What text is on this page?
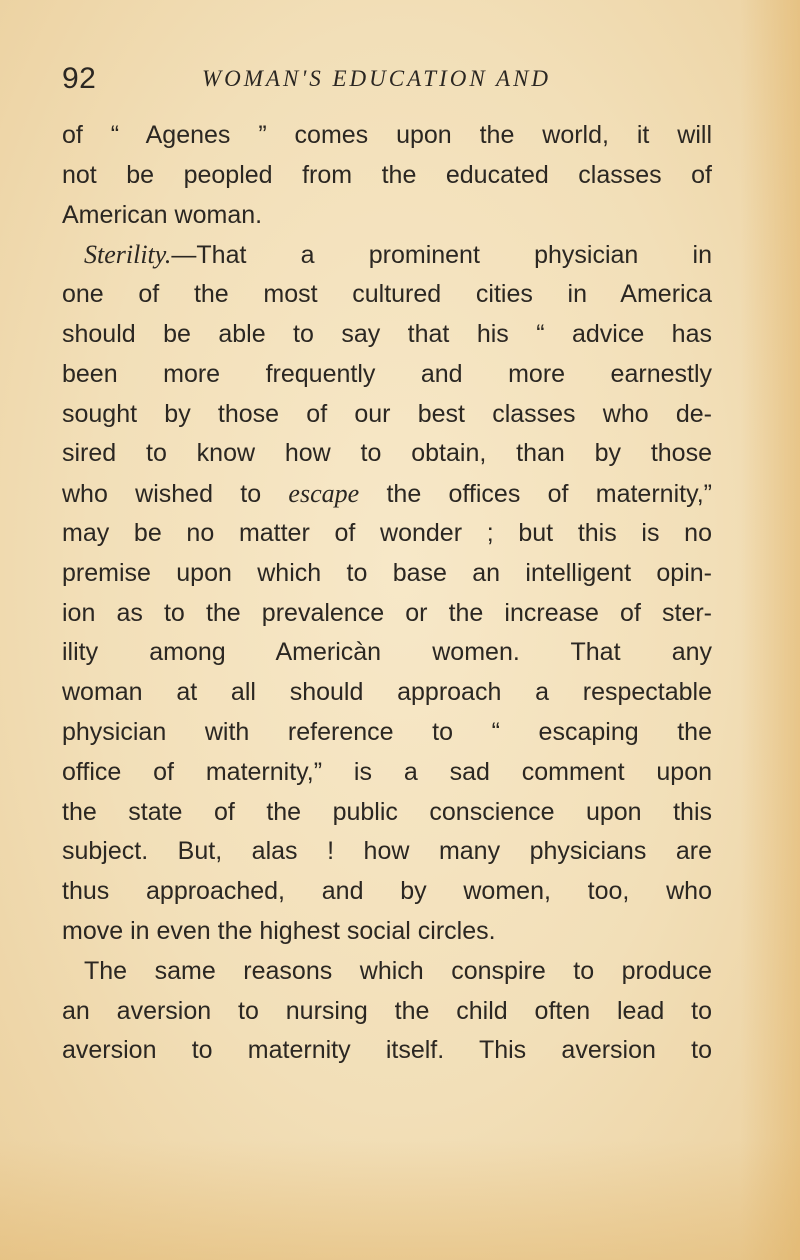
92	WOMAN'S EDUCATION AND
of “ Agenes ” comes upon the world, it will
not be peopled from the educated classes of
American woman.
Sterility.—That a prominent physician in
one of the most cultured cities in America
should be able to say that his “ advice has
been more frequently and more earnestly
sought by those of our best classes who de-
sired to know how to obtain, than by those
who wished to escape the offices of maternity,”
may be no matter of wonder ; but this is no
premise upon which to base an intelligent opin-
ion as to the prevalence or the increase of ster-
ility among Americàn women. That any
woman at all should approach a respectable
physician with reference to “ escaping the
office of maternity,” is a sad comment upon
the state of the public conscience upon this
subject. But, alas ! how many physicians are
thus approached, and by women, too, who
move in even the highest social circles.
The same reasons which conspire to produce
an aversion to nursing the child often lead to
aversion to maternity itself. This aversion to
